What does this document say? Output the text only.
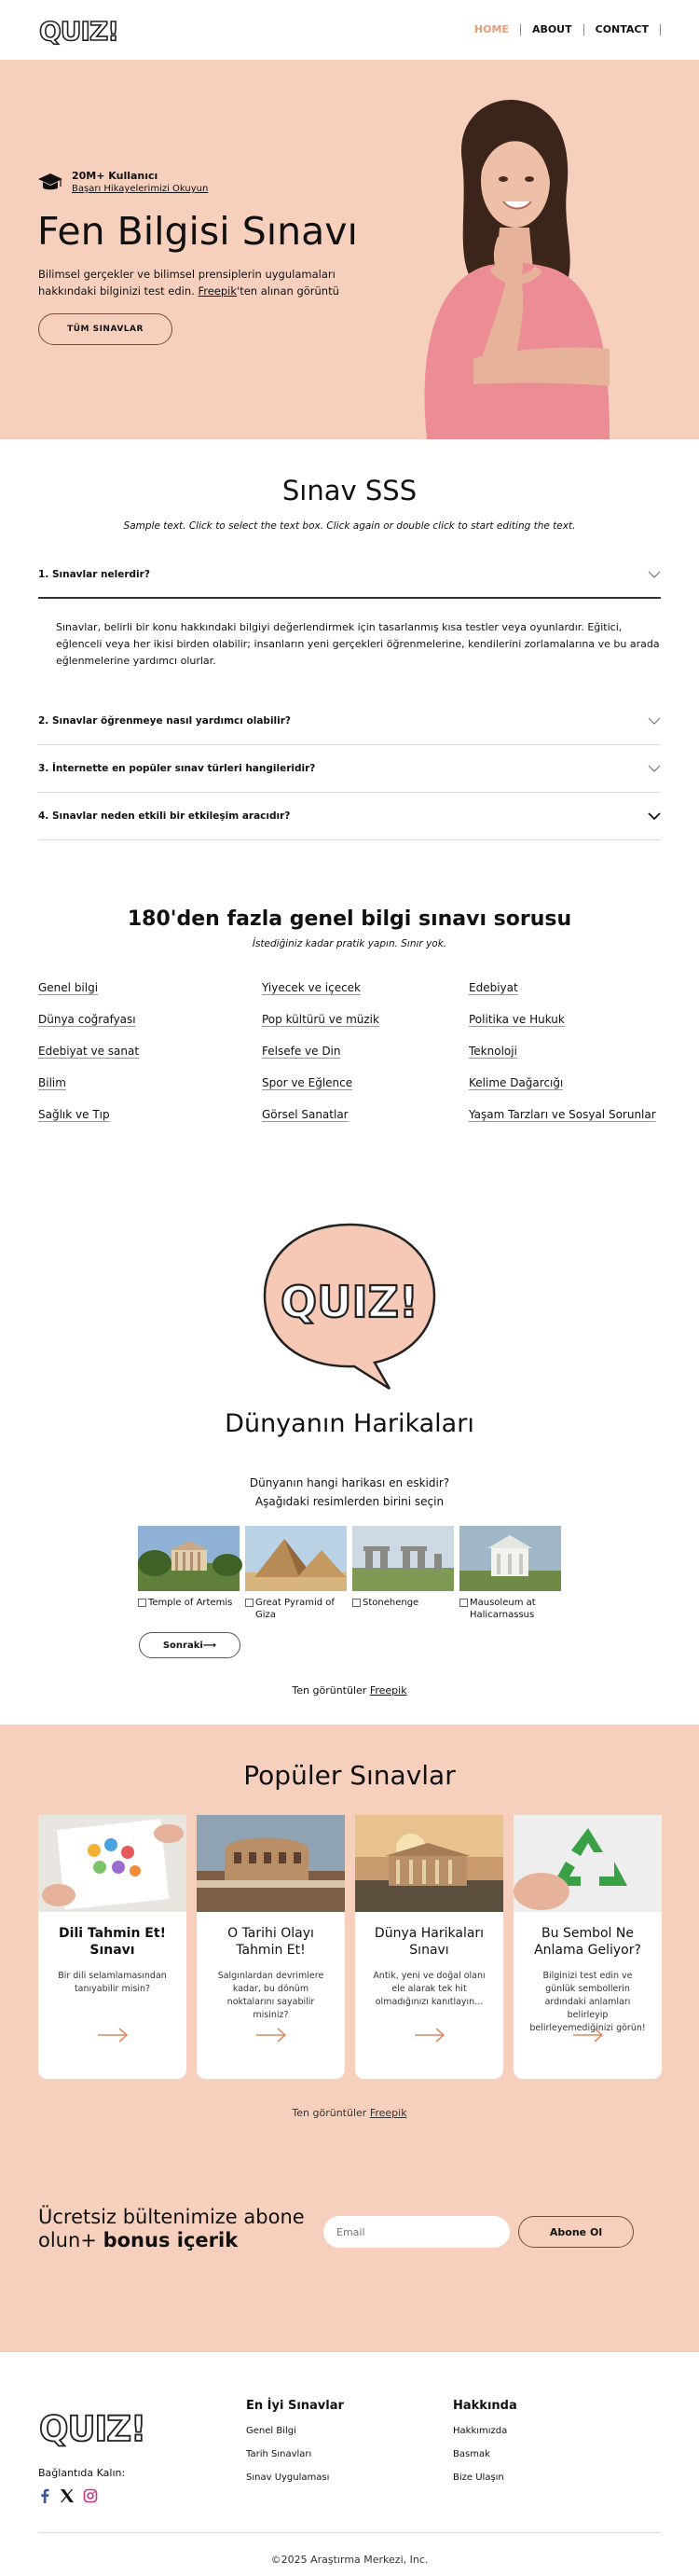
QUIZ!	HOME	ABOUT	CONTACT
20M+ Kullanıcı
Başarı Hikayelerimizi Okuyun
Fen Bilgisi Sınavı

Bilimsel gerçekler ve bilimsel prensiplerin uygulamaları hakkındaki bilginizi test edin. Freepik'ten alınan görüntü

TÜM SINAVLAR
Sınav SSS

Sample text. Click to select the text box. Click again or double click to start editing the text.

1. Sınavlar nelerdir?

Sınavlar, belirli bir konu hakkındaki bilgiyi değerlendirmek için tasarlanmış kısa testler veya oyunlardır. Eğitici, eğlenceli veya her ikisi birden olabilir; insanların yeni gerçekleri öğrenmelerine, kendilerini zorlamalarına ve bu arada eğlenmelerine yardımcı olurlar.

2. Sınavlar öğrenmeye nasıl yardımcı olabilir?
3. İnternette en popüler sınav türleri hangileridir?
4. Sınavlar neden etkili bir etkileşim aracıdır?
180'den fazla genel bilgi sınavı sorusu

İstediğiniz kadar pratik yapın. Sınır yok.

Genel bilgi	Yiyecek ve içecek	Edebiyat
Dünya coğrafyası	Pop kültürü ve müzik	Politika ve Hukuk
Edebiyat ve sanat	Felsefe ve Din	Teknoloji
Bilim	Spor ve Eğlence	Kelime Dağarcığı
Sağlık ve Tıp	Görsel Sanatlar	Yaşam Tarzları ve Sosyal Sorunlar
QUIZ!
Dünyanın Harikaları

Dünyanın hangi harikası en eskidir?
Aşağıdaki resimlerden birini seçin

Temple of Artemis Great Pyramid of Giza
Stonehenge	Mausoleum at Halicarnassus
Sonraki⟶

Ten görüntüler Freepik

Popüler Sınavlar
Dili Tahmin Et! Sınavı
Bir dili selamlamasından tanıyabilir misin?
O Tarihi Olayı Tahmin Et!
Salgınlardan devrimlere kadar, bu dönüm noktalarını sayabilir misiniz?
Dünya Harikaları Sınavı
Antik, yeni ve doğal olanı ele alarak tek hit olmadığınızı kanıtlayın...
Bu Sembol Ne Anlama Geliyor?
Bilginizi test edin ve günlük sembollerin ardındaki anlamları belirleyip belirleyemediğinizi görün!

Ten görüntüler Freepik

Ücretsiz bültenimize abone
olun+ bonus içerik
Email	Abone Ol
QUIZ!
Bağlantıda Kalın:
En İyi Sınavlar
Genel Bilgi
Tarih Sınavları
Sınav Uygulaması
Hakkında
Hakkımızda
Basmak
Bize Ulaşın
©2025 Araştırma Merkezi, Inc.
